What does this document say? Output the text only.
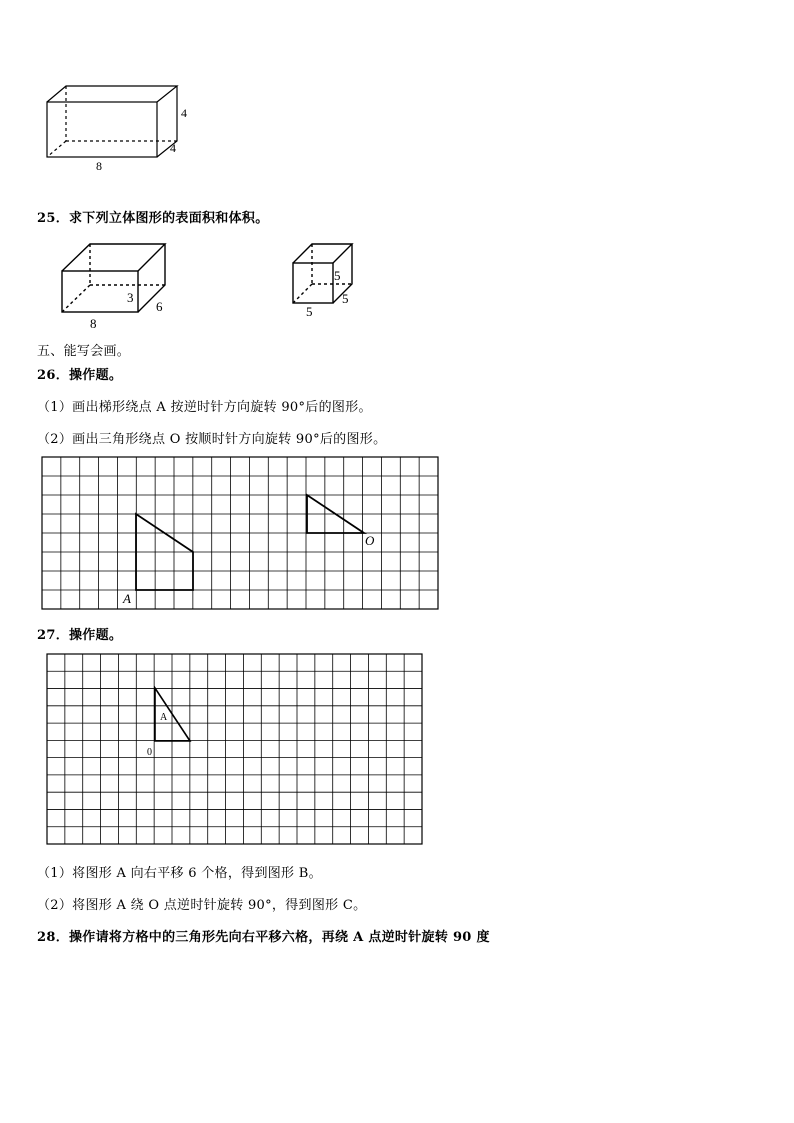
4
4
8
25．求下列立体图形的表面积和体积。
3
6
8
5
5
5
五、能写会画。
26．操作题。
（1）画出梯形绕点 A 按逆时针方向旋转 90°后的图形。
（2）画出三角形绕点 O 按顺时针方向旋转 90°后的图形。
A
O
27．操作题。
A
0
（1）将图形 A 向右平移 6 个格，得到图形 B。
（2）将图形 A 绕 O 点逆时针旋转 90°，得到图形 C。
28．操作请将方格中的三角形先向右平移六格，再绕 A 点逆时针旋转 90 度
